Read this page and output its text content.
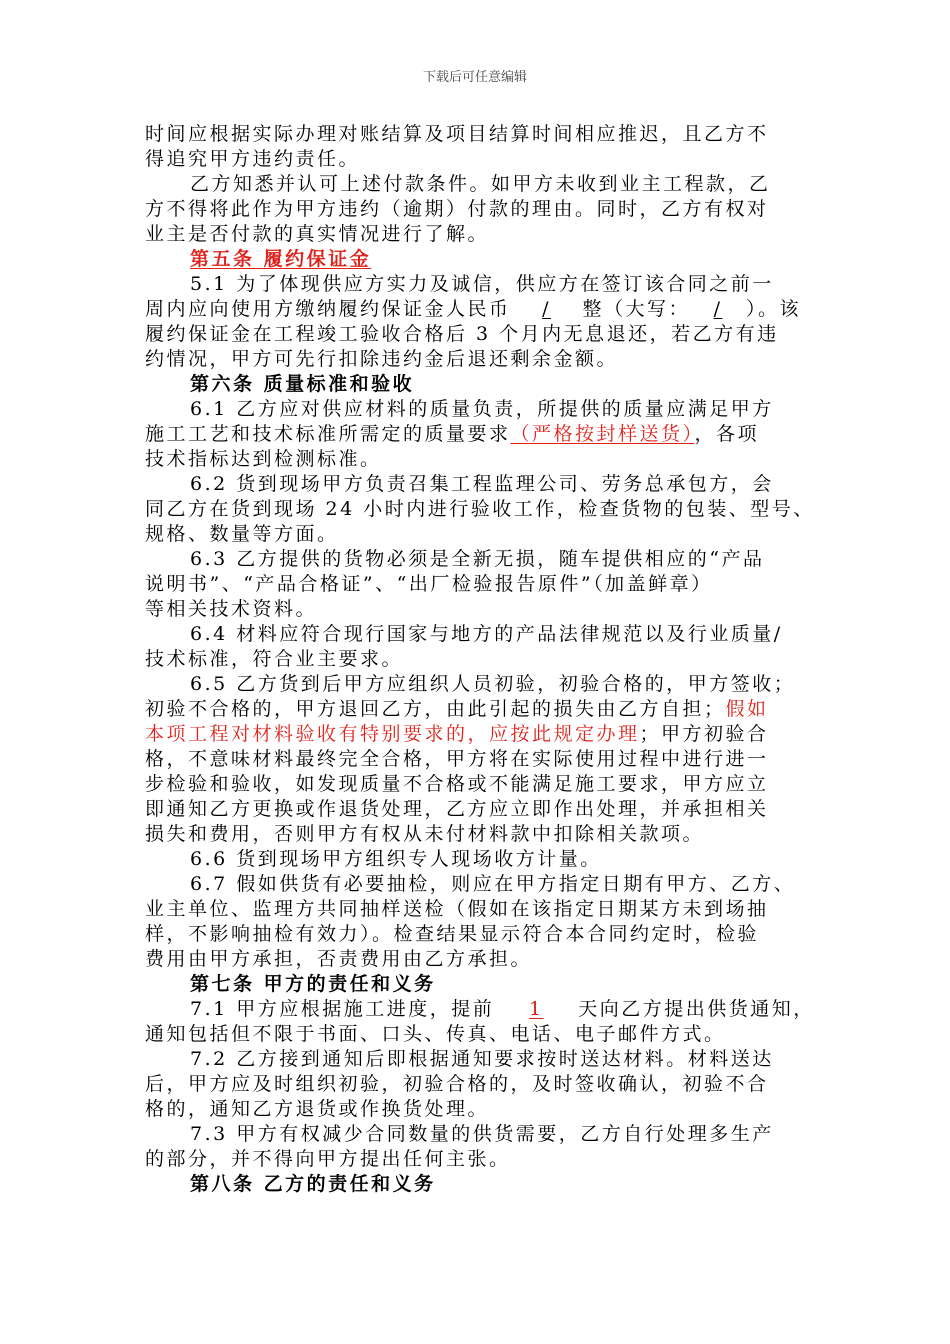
下载后可任意编辑
时间应根据实际办理对账结算及项目结算时间相应推迟，且乙方不
得追究甲方违约责任。
乙方知悉并认可上述付款条件。如甲方未收到业主工程款，乙
方不得将此作为甲方违约（逾期）付款的理由。同时，乙方有权对
业主是否付款的真实情况进行了解。
第五条 履约保证金
5.1 为了体现供应方实力及诚信，供应方在签订该合同之前一
周内应向使用方缴纳履约保证金人民币 / 整（大写： / ）。该
履约保证金在工程竣工验收合格后 3 个月内无息退还，若乙方有违
约情况，甲方可先行扣除违约金后退还剩余金额。
第六条 质量标准和验收
6.1 乙方应对供应材料的质量负责，所提供的质量应满足甲方
施工工艺和技术标准所需定的质量要求（严格按封样送货），各项
技术指标达到检测标准。
6.2 货到现场甲方负责召集工程监理公司、劳务总承包方，会
同乙方在货到现场 24 小时内进行验收工作，检查货物的包装、型号、
规格、数量等方面。
6.3 乙方提供的货物必须是全新无损，随车提供相应的“产品
说明书”、“产品合格证”、“出厂检验报告原件”（加盖鲜章）
等相关技术资料。
6.4 材料应符合现行国家与地方的产品法律规范以及行业质量/
技术标准，符合业主要求。
6.5 乙方货到后甲方应组织人员初验，初验合格的，甲方签收；
初验不合格的，甲方退回乙方，由此引起的损失由乙方自担；假如
本项工程对材料验收有特别要求的，应按此规定办理；甲方初验合
格，不意味材料最终完全合格，甲方将在实际使用过程中进行进一
步检验和验收，如发现质量不合格或不能满足施工要求，甲方应立
即通知乙方更换或作退货处理，乙方应立即作出处理，并承担相关
损失和费用，否则甲方有权从未付材料款中扣除相关款项。
6.6 货到现场甲方组织专人现场收方计量。
6.7 假如供货有必要抽检，则应在甲方指定日期有甲方、乙方、
业主单位、监理方共同抽样送检（假如在该指定日期某方未到场抽
样，不影响抽检有效力）。检查结果显示符合本合同约定时，检验
费用由甲方承担，否责费用由乙方承担。
第七条 甲方的责任和义务
7.1 甲方应根据施工进度，提前 1 天向乙方提出供货通知，
通知包括但不限于书面、口头、传真、电话、电子邮件方式。
7.2 乙方接到通知后即根据通知要求按时送达材料。材料送达
后，甲方应及时组织初验，初验合格的，及时签收确认，初验不合
格的，通知乙方退货或作换货处理。
7.3 甲方有权减少合同数量的供货需要，乙方自行处理多生产
的部分，并不得向甲方提出任何主张。
第八条 乙方的责任和义务
